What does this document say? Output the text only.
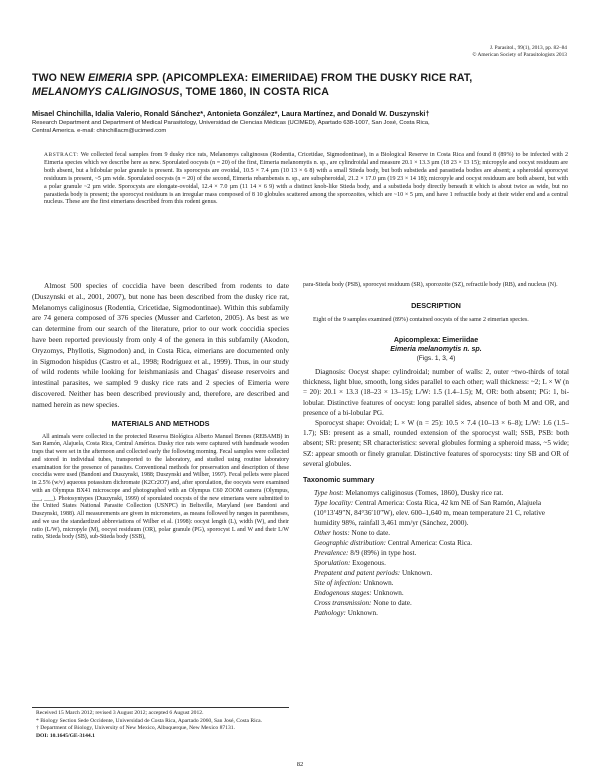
J. Parasitol., 99(1), 2013, pp. 82–84
© American Society of Parasitologists 2013
TWO NEW EIMERIA SPP. (APICOMPLEXA: EIMERIIDAE) FROM THE DUSKY RICE RAT,
MELANOMYS CALIGINOSUS, TOME 1860, IN COSTA RICA
Misael Chinchilla, Idalia Valerio, Ronald Sánchez*, Antonieta González*, Laura Martínez, and Donald W. Duszynski†
Research Department and Department of Medical Parasitology, Universidad de Ciencias Médicas (UCIMED), Apartado 638-1007, San José, Costa Rica,
Central America. e-mail: chinchillacm@ucimed.com
ABSTRACT: We collected fecal samples from 9 dusky rice rats, Melanomys caliginosus (Rodentia, Cricetidae, Sigmodontinae), in a Biological Reserve in Costa Rica and found 8 (89%) to be infected with 2 Eimeria species which we describe here as new. Sporulated oocysts (n = 20) of the first, Eimeria melanomytis n. sp., are cylindroidal and measure 20.1 × 13.3 µm (18 23 × 13 15); micropyle and oocyst residuum are both absent, but a bilobular polar granule is present. Its sporocysts are ovoidal, 10.5 × 7.4 µm (10 13 × 6 8) with a small Stieda body, but both substieda and parastieda bodies are absent; a spheroidal sporocyst residuum is present, ~5 µm wide. Sporulated oocysts (n = 20) of the second, Eimeria rebambensis n. sp., are subspheroidal, 21.2 × 17.0 µm (19 23 × 14 18); micropyle and oocyst residuum are both absent, but with a polar granule ~2 µm wide. Sporocysts are elongate-ovoidal, 12.4 × 7.0 µm (11 14 × 6 9) with a distinct knob-like Stieda body, and a substieda body directly beneath it which is about twice as wide, but no parastieda body is present; the sporocyst residuum is an irregular mass composed of 8 10 globules scattered among the sporozoites, which are ~10 × 5 µm, and have 1 refractile body at their wider end and a central nucleus. These are the first eimerians described from this rodent genus.

Almost 500 species of coccidia have been described from rodents to date (Duszynski et al., 2001, 2007), but none has been described from the dusky rice rat, Melanomys caliginosus (Rodentia, Cricetidae, Sigmodontinae). Within this subfamily are 74 genera composed of 376 species (Musser and Carleton, 2005). As best as we can determine from our search of the literature, prior to our work coccidia species have been reported previously from only 4 of the genera in this subfamily (Akodon, Oryzomys, Phyllotis, Sigmodon) and, in Costa Rica, eimerians are documented only in Sigmodon hispidus (Castro et al., 1998; Rodríguez et al., 1999). Thus, in our study of wild rodents while looking for leishmaniasis and Chagas' disease reservoirs and intestinal parasites, we sampled 9 dusky rice rats and 2 species of Eimeria were discovered. Neither has been described previously and, therefore, are described and named herein as new species.

MATERIALS AND METHODS

All animals were collected in the protected Reserva Biológica Alberto Manuel Brenes (REBAMB) in San Ramón, Alajuela, Costa Rica, Central América. Dusky rice rats were captured with handmade wooden traps that were set in the afternoon and collected early the following morning. Fecal samples were collected and stored in individual tubes, transported to the laboratory, and studied using routine laboratory examination for the presence of parasites. Conventional methods for preservation and description of these coccidia were used (Bandoni and Duszynski, 1988; Duszynski and Wilber, 1997). Fecal pellets were placed in 2.5% (w/v) aqueous potassium dichromate (K2Cr2O7) and, after sporulation, the oocysts were examined with an Olympus BX41 microscope and photographed with an Olympus C60 ZOOM camera (Olympus, ___, ___). Photosyntypes (Duszynski, 1999) of sporulated oocysts of the new eimerians were submitted to the United States National Parasite Collection (USNPC) in Beltsville, Maryland (see Bandoni and Duszynski, 1988). All measurements are given in micrometers, as means followed by ranges in parentheses, and we use the standardized abbreviations of Wilber et al. (1998): oocyst length (L), width (W), and their ratio (L/W), micropyle (M), oocyst residuum (OR), polar granule (PG), sporocyst L and W and their L/W ratio, Stieda body (SB), sub-Stieda body (SSB),

Received 15 March 2012; revised 3 August 2012; accepted 6 August 2012.

* Biology Section Sede Occidente, Universidad de Costa Rica, Apartado 2060, San José, Costa Rica.

† Department of Biology, University of New Mexico, Albuquerque, New Mexico 87131.

DOI: 10.1645/GE-3144.1

para-Stieda body (PSB), sporocyst residuum (SR), sporozoite (SZ), refractile body (RB), and nucleus (N).

DESCRIPTION

Eight of the 9 samples examined (89%) contained oocysts of the same 2 eimerian species.

Apicomplexa: Eimeriidae
Eimeria melanomytis n. sp.
(Figs. 1, 3, 4)

Diagnosis: Oocyst shape: cylindroidal; number of walls: 2, outer ~two-thirds of total thickness, light blue, smooth, long sides parallel to each other; wall thickness: ~2; L × W (n = 20): 20.1 × 13.3 (18–23 × 13–15); L/W: 1.5 (1.4–1.5); M, OR: both absent; PG: 1, bi-lobular. Distinctive features of oocyst: long parallel sides, absence of both M and OR, and presence of a bi-lobular PG.

Sporocyst shape: Ovoidal; L × W (n = 25): 10.5 × 7.4 (10–13 × 6–8); L/W: 1.6 (1.5–1.7); SB: present as a small, rounded extension of the sporocyst wall; SSB, PSB: both absent; SR: present; SR characteristics: several globules forming a spheroid mass, ~5 wide; SZ: appear smooth or finely granular. Distinctive features of sporocysts: tiny SB and OR of several globules.

Taxonomic summary

Type host: Melanomys caliginosus (Tomes, 1860), Dusky rice rat.

Type locality: Central America: Costa Rica, 42 km NE of San Ramón, Alajuela (10°13′49″N, 84°36′10″W), elev. 600–1,640 m, mean temperature 21 C, relative humidity 98%, rainfall 3,461 mm/yr (Sánchez, 2000).

Other hosts: None to date.

Geographic distribution: Central America: Costa Rica.

Prevalence: 8/9 (89%) in type host.

Sporulation: Exogenous.

Prepatent and patent periods: Unknown.

Site of infection: Unknown.

Endogenous stages: Unknown.

Cross transmission: None to date.

Pathology: Unknown.

82
